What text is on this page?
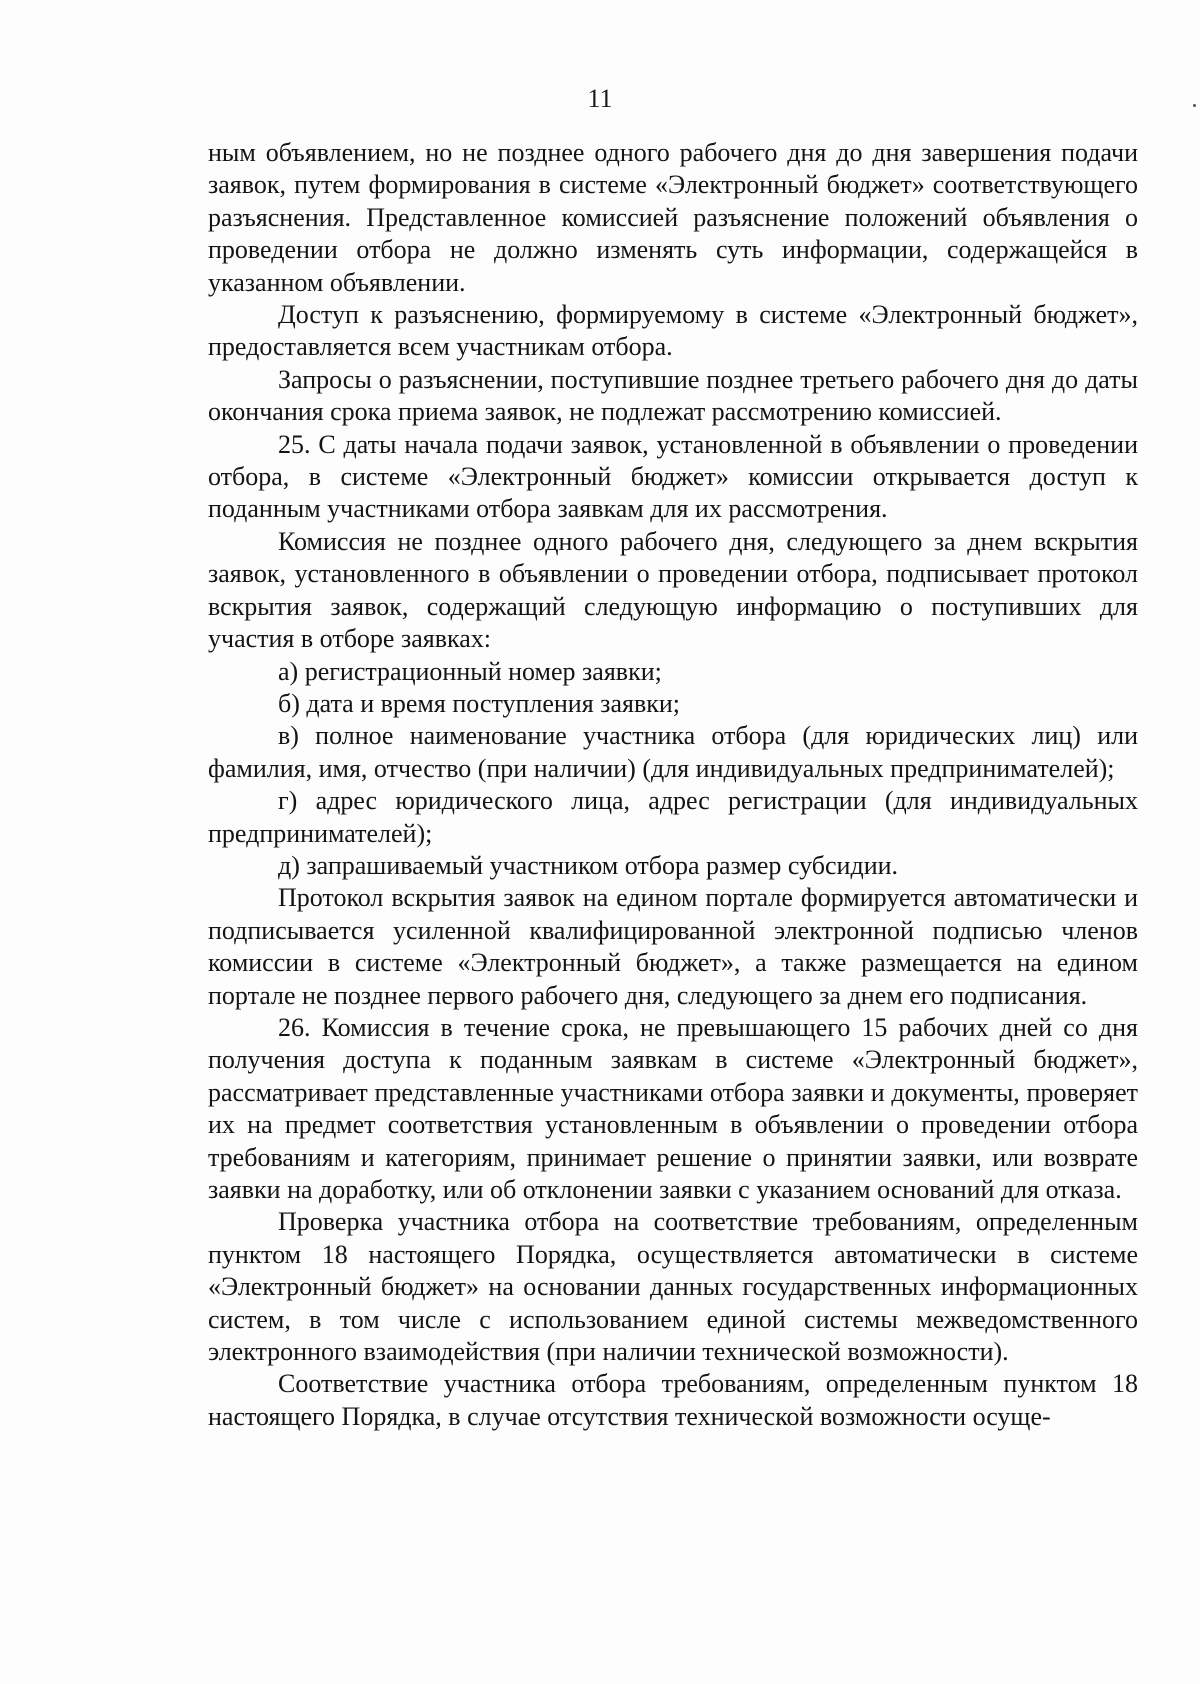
11

ным объявлением, но не позднее одного рабочего дня до дня завершения подачи заявок, путем формирования в системе «Электронный бюджет» соответствующего разъяснения. Представленное комиссией разъяснение положений объявления о проведении отбора не должно изменять суть информации, содержащейся в указанном объявлении.

Доступ к разъяснению, формируемому в системе «Электронный бюджет», предоставляется всем участникам отбора.

Запросы о разъяснении, поступившие позднее третьего рабочего дня до даты окончания срока приема заявок, не подлежат рассмотрению комиссией.

25. С даты начала подачи заявок, установленной в объявлении о проведении отбора, в системе «Электронный бюджет» комиссии открывается доступ к поданным участниками отбора заявкам для их рассмотрения.

Комиссия не позднее одного рабочего дня, следующего за днем вскрытия заявок, установленного в объявлении о проведении отбора, подписывает протокол вскрытия заявок, содержащий следующую информацию о поступивших для участия в отборе заявках:

а) регистрационный номер заявки;

б) дата и время поступления заявки;

в) полное наименование участника отбора (для юридических лиц) или фамилия, имя, отчество (при наличии) (для индивидуальных предпринимателей);

г) адрес юридического лица, адрес регистрации (для индивидуальных предпринимателей);

д) запрашиваемый участником отбора размер субсидии.

Протокол вскрытия заявок на едином портале формируется автоматически и подписывается усиленной квалифицированной электронной подписью членов комиссии в системе «Электронный бюджет», а также размещается на едином портале не позднее первого рабочего дня, следующего за днем его подписания.

26. Комиссия в течение срока, не превышающего 15 рабочих дней со дня получения доступа к поданным заявкам в системе «Электронный бюджет», рассматривает представленные участниками отбора заявки и документы, проверяет их на предмет соответствия установленным в объявлении о проведении отбора требованиям и категориям, принимает решение о принятии заявки, или возврате заявки на доработку, или об отклонении заявки с указанием оснований для отказа.

Проверка участника отбора на соответствие требованиям, определенным пунктом 18 настоящего Порядка, осуществляется автоматически в системе «Электронный бюджет» на основании данных государственных информационных систем, в том числе с использованием единой системы межведомственного электронного взаимодействия (при наличии технической возможности).

Соответствие участника отбора требованиям, определенным пунктом 18 настоящего Порядка, в случае отсутствия технической возможности осуще-
